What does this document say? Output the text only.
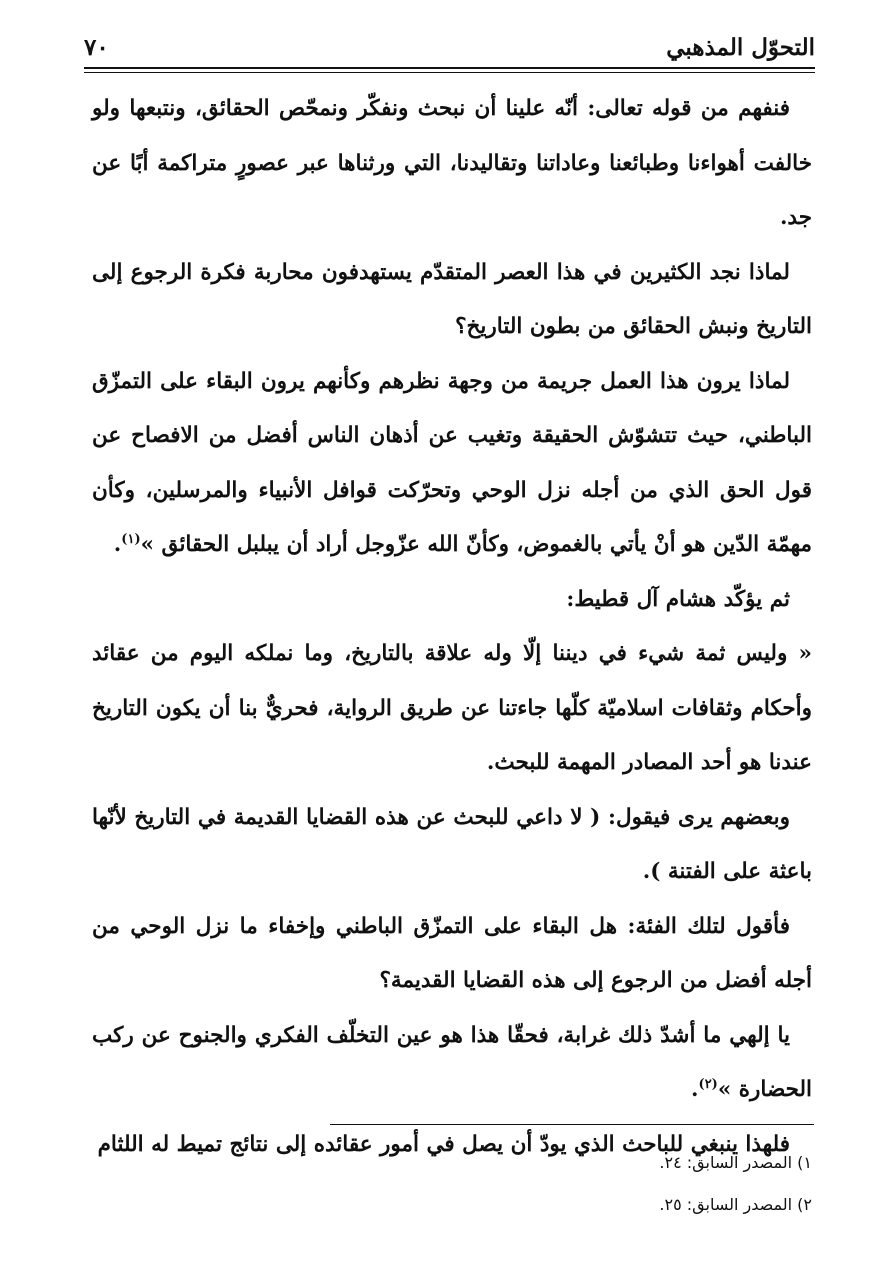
التحوّل المذهبي
٧٠

فنفهم من قوله تعالى: أنّه علينا أن نبحث ونفكّر ونمحّص الحقائق، ونتبعها ولو خالفت أهواءنا وطبائعنا وعاداتنا وتقاليدنا، التي ورثناها عبر عصورٍ متراكمة أبًا عن جد.

لماذا نجد الكثيرين في هذا العصر المتقدّم يستهدفون محاربة فكرة الرجوع إلى التاريخ ونبش الحقائق من بطون التاريخ؟

لماذا يرون هذا العمل جريمة من وجهة نظرهم وكأنهم يرون البقاء على التمزّق الباطني، حيث تتشوّش الحقيقة وتغيب عن أذهان الناس أفضل من الافصاح عن قول الحق الذي من أجله نزل الوحي وتحرّكت قوافل الأنبياء والمرسلين، وكأن مهمّة الدّين هو أنْ يأتي بالغموض، وكأنّ الله عزّوجل أراد أن يبلبل الحقائق »$^{(١)}$.

ثم يؤكّد هشام آل قطيط:

« وليس ثمة شيء في ديننا إلّا وله علاقة بالتاريخ، وما نملكه اليوم من عقائد وأحكام وثقافات اسلاميّة كلّها جاءتنا عن طريق الرواية، فحريٌّ بنا أن يكون التاريخ عندنا هو أحد المصادر المهمة للبحث.

وبعضهم يرى فيقول: ( لا داعي للبحث عن هذه القضايا القديمة في التاريخ لأنّها باعثة على الفتنة ).

فأقول لتلك الفئة: هل البقاء على التمزّق الباطني وإخفاء ما نزل الوحي من أجله أفضل من الرجوع إلى هذه القضايا القديمة؟

يا إلهي ما أشدّ ذلك غرابة، فحقّا هذا هو عين التخلّف الفكري والجنوح عن ركب الحضارة »$^{(٢)}$.

فلهذا ينبغي للباحث الذي يودّ أن يصل في أمور عقائده إلى نتائج تميط له اللثام

١) المصدر السابق: ٢٤.

٢) المصدر السابق: ٢٥.
